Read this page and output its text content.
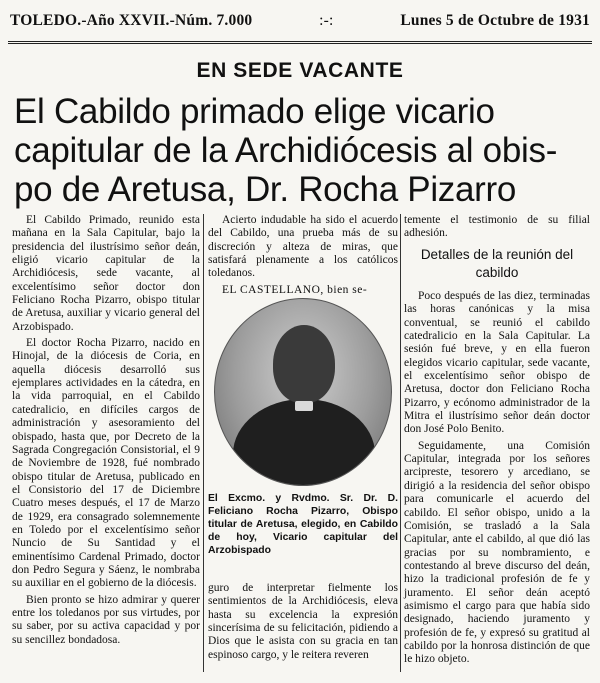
TOLEDO.-Año XXVII.-Núm. 7.000	:-:	Lunes 5 de Octubre de 1931
EN SEDE VACANTE
El Cabildo primado elige vicario
capitular de la Archidiócesis al obis-
po de Aretusa, Dr. Rocha Pizarro

El Cabildo Primado, reunido esta mañana en la Sala Capitular, bajo la presidencia del ilustrísimo señor deán, eligió vicario capitular de la Archidiócesis, sede vacante, al excelentísimo señor doctor don Feliciano Rocha Pizarro, obispo titular de Aretusa, auxiliar y vicario general del Arzobispado.

El doctor Rocha Pizarro, nacido en Hinojal, de la diócesis de Coria, en aquella diócesis desarrolló sus ejemplares actividades en la cátedra, en la vida parroquial, en el Cabildo catedralicio, en difíciles cargos de administración y asesoramiento del obispado, hasta que, por Decreto de la Sagrada Congregación Consistorial, el 9 de Noviembre de 1928, fué nombrado obispo titular de Aretusa, publicado en el Consistorio del 17 de Diciembre Cuatro meses después, el 17 de Marzo de 1929, era consagrado solemnemente en Toledo por el excelentísimo señor Nuncio de Su Santidad y el eminentísimo Cardenal Primado, doctor don Pedro Segura y Sáenz, le nombraba su auxiliar en el gobierno de la diócesis.

Bien pronto se hizo admirar y querer entre los toledanos por sus virtudes, por su saber, por su activa capacidad y por su sencillez bondadosa.

Acierto indudable ha sido el acuerdo del Cabildo, una prueba más de su discreción y alteza de miras, que satisfará plenamente a los católicos toledanos.

EL CASTELLANO, bien se-

El Excmo. y Rvdmo. Sr. Dr. D. Feliciano Rocha Pizarro, Obispo titular de Aretusa, elegido, en Cabildo de hoy, Vicario capitular del Arzobispado

guro de interpretar fielmente los sentimientos de la Archidiócesis, eleva hasta su excelencia la expresión sincerísima de su felicitación, pidiendo a Dios que le asista con su gracia en tan espinoso cargo, y le reitera reveren

temente el testimonio de su filial adhesión.

Detalles de la reunión del cabildo

Poco después de las diez, terminadas las horas canónicas y la misa conventual, se reunió el cabildo catedralicio en la Sala Capitular. La sesión fué breve, y en ella fueron elegidos vicario capitular, sede vacante, el excelentísimo señor obispo de Aretusa, doctor don Feliciano Rocha Pizarro, y ecónomo administrador de la Mitra el ilustrísimo señor deán doctor don José Polo Benito.

Seguidamente, una Comisión Capitular, integrada por los señores arcipreste, tesorero y arcediano, se dirigió a la residencia del señor obispo para comunicarle el acuerdo del cabildo. El señor obispo, unido a la Comisión, se trasladó a la Sala Capitular, ante el cabildo, al que dió las gracias por su nombramiento, e contestando al breve discurso del deán, hizo la tradicional profesión de fe y juramento. El señor deán aceptó asimismo el cargo para que había sido designado, haciendo juramento y profesión de fe, y expresó su gratitud al cabildo por la honrosa distinción de que le hizo objeto.
